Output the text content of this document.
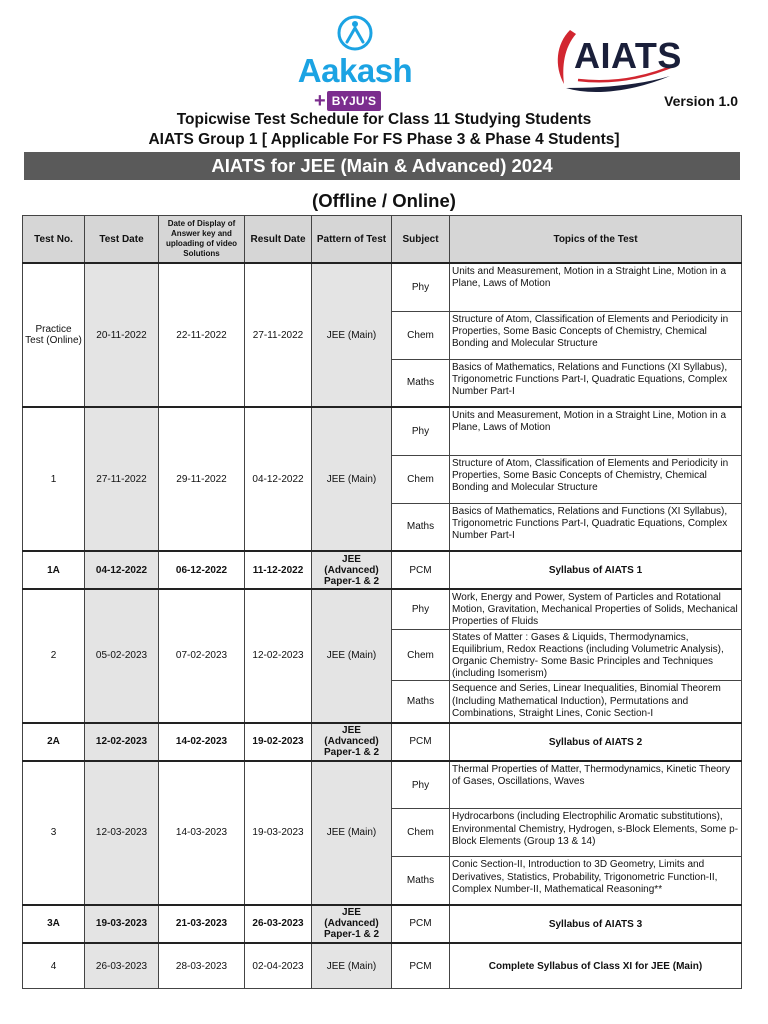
Aakash
+ BYJU'S
AIATS
Version 1.0
Topicwise Test Schedule for Class 11 Studying Students
AIATS Group 1 [ Applicable For FS Phase 3 & Phase 4 Students]
AIATS for JEE (Main & Advanced) 2024
(Offline / Online)
Test No.	Test Date	Date of Display of Answer key and uploading of video Solutions	Result Date	Pattern of Test	Subject	Topics of the Test
Practice Test (Online)	20-11-2022	22-11-2022	27-11-2022	JEE (Main)	Phy	Units and Measurement, Motion in a Straight Line, Motion in a Plane, Laws of Motion
					Chem	Structure of Atom, Classification of Elements and Periodicity in Properties, Some Basic Concepts of Chemistry, Chemical Bonding and Molecular Structure
					Maths	Basics of Mathematics, Relations and Functions (XI Syllabus), Trigonometric Functions Part-I, Quadratic Equations, Complex Number Part-I
1	27-11-2022	29-11-2022	04-12-2022	JEE (Main)	Phy	Units and Measurement, Motion in a Straight Line, Motion in a Plane, Laws of Motion
					Chem	Structure of Atom, Classification of Elements and Periodicity in Properties, Some Basic Concepts of Chemistry, Chemical Bonding and Molecular Structure
					Maths	Basics of Mathematics, Relations and Functions (XI Syllabus), Trigonometric Functions Part-I, Quadratic Equations, Complex Number Part-I
1A	04-12-2022	06-12-2022	11-12-2022	JEE (Advanced) Paper-1 & 2	PCM	Syllabus of AIATS 1
2	05-02-2023	07-02-2023	12-02-2023	JEE (Main)	Phy	Work, Energy and Power, System of Particles and Rotational Motion, Gravitation, Mechanical Properties of Solids, Mechanical Properties of Fluids
					Chem	States of Matter : Gases & Liquids, Thermodynamics, Equilibrium, Redox Reactions (including Volumetric Analysis), Organic Chemistry- Some Basic Principles and Techniques (including Isomerism)
					Maths	Sequence and Series, Linear Inequalities, Binomial Theorem (Including Mathematical Induction), Permutations and Combinations, Straight Lines, Conic Section-I
2A	12-02-2023	14-02-2023	19-02-2023	JEE (Advanced) Paper-1 & 2	PCM	Syllabus of AIATS 2
3	12-03-2023	14-03-2023	19-03-2023	JEE (Main)	Phy	Thermal Properties of Matter, Thermodynamics, Kinetic Theory of Gases, Oscillations, Waves
					Chem	Hydrocarbons (including Electrophilic Aromatic substitutions), Environmental Chemistry, Hydrogen, s-Block Elements, Some p-Block Elements (Group 13 & 14)
					Maths	Conic Section-II, Introduction to 3D Geometry, Limits and Derivatives, Statistics, Probability, Trigonometric Function-II, Complex Number-II, Mathematical Reasoning**
3A	19-03-2023	21-03-2023	26-03-2023	JEE (Advanced) Paper-1 & 2	PCM	Syllabus of AIATS 3
4	26-03-2023	28-03-2023	02-04-2023	JEE (Main)	PCM	Complete Syllabus of Class XI for JEE (Main)
